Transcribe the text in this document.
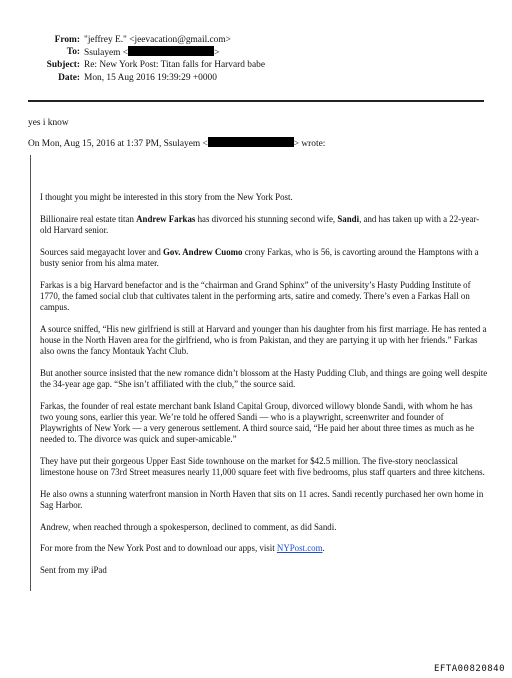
From: "jeffrey E." <jeevacation@gmail.com>
To: Ssulayem <	>
Subject: Re: New York Post: Titan falls for Harvard babe
Date: Mon, 15 Aug 2016 19:39:29 +0000
yes i know
On Mon, Aug 15, 2016 at 1:37 PM, Ssulayem <	> wrote:

I thought you might be interested in this story from the New York Post.

Billionaire real estate titan Andrew Farkas has divorced his stunning second wife, Sandi, and has taken up with a 22-year-old Harvard senior.

Sources said megayacht lover and Gov. Andrew Cuomo crony Farkas, who is 56, is cavorting around the Hamptons with a busty senior from his alma mater.

Farkas is a big Harvard benefactor and is the “chairman and Grand Sphinx” of the university’s Hasty Pudding Institute of 1770, the famed social club that cultivates talent in the performing arts, satire and comedy. There’s even a Farkas Hall on campus.

A source sniffed, “His new girlfriend is still at Harvard and younger than his daughter from his first marriage. He has rented a house in the North Haven area for the girlfriend, who is from Pakistan, and they are partying it up with her friends.” Farkas also owns the fancy Montauk Yacht Club.

But another source insisted that the new romance didn’t blossom at the Hasty Pudding Club, and things are going well despite the 34-year age gap. “She isn’t affiliated with the club,” the source said.

Farkas, the founder of real estate merchant bank Island Capital Group, divorced willowy blonde Sandi, with whom he has two young sons, earlier this year. We’re told he offered Sandi — who is a playwright, screenwriter and founder of Playwrights of New York — a very generous settlement. A third source said, “He paid her about three times as much as he needed to. The divorce was quick and super-amicable.”

They have put their gorgeous Upper East Side townhouse on the market for $42.5 million. The five-story neoclassical limestone house on 73rd Street measures nearly 11,000 square feet with five bedrooms, plus staff quarters and three kitchens.

He also owns a stunning waterfront mansion in North Haven that sits on 11 acres. Sandi recently purchased her own home in Sag Harbor.

Andrew, when reached through a spokesperson, declined to comment, as did Sandi.

For more from the New York Post and to download our apps, visit NYPost.com.

Sent from my iPad

EFTA00820840
